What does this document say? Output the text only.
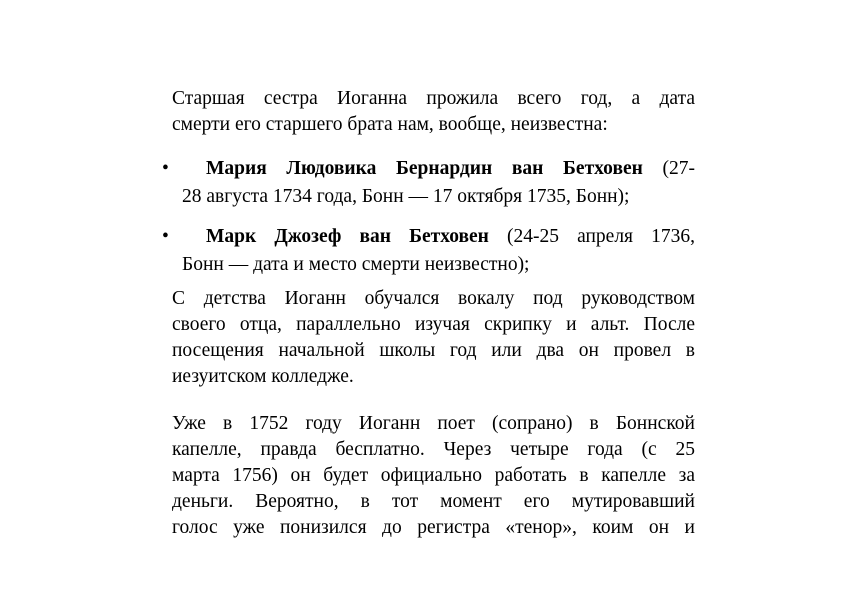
Старшая сестра Иоганна прожила всего год, а дата
смерти его старшего брата нам, вообще, неизвестна:
•	Мария Людовика Бернардин ван Бетховен (27-
28 августа 1734 года, Бонн — 17 октября 1735, Бонн);
•	Марк Джозеф ван Бетховен (24-25 апреля 1736,
Бонн — дата и место смерти неизвестно);
С детства Иоганн обучался вокалу под руководством
своего отца, параллельно изучая скрипку и альт. После
посещения начальной школы год или два он провел в
иезуитском колледже.
Уже в 1752 году Иоганн поет (сопрано) в Боннской
капелле, правда бесплатно. Через четыре года (с 25
марта 1756) он будет официально работать в капелле за
деньги. Вероятно, в тот момент его мутировавший
голос уже понизился до регистра «тенор», коим он и
